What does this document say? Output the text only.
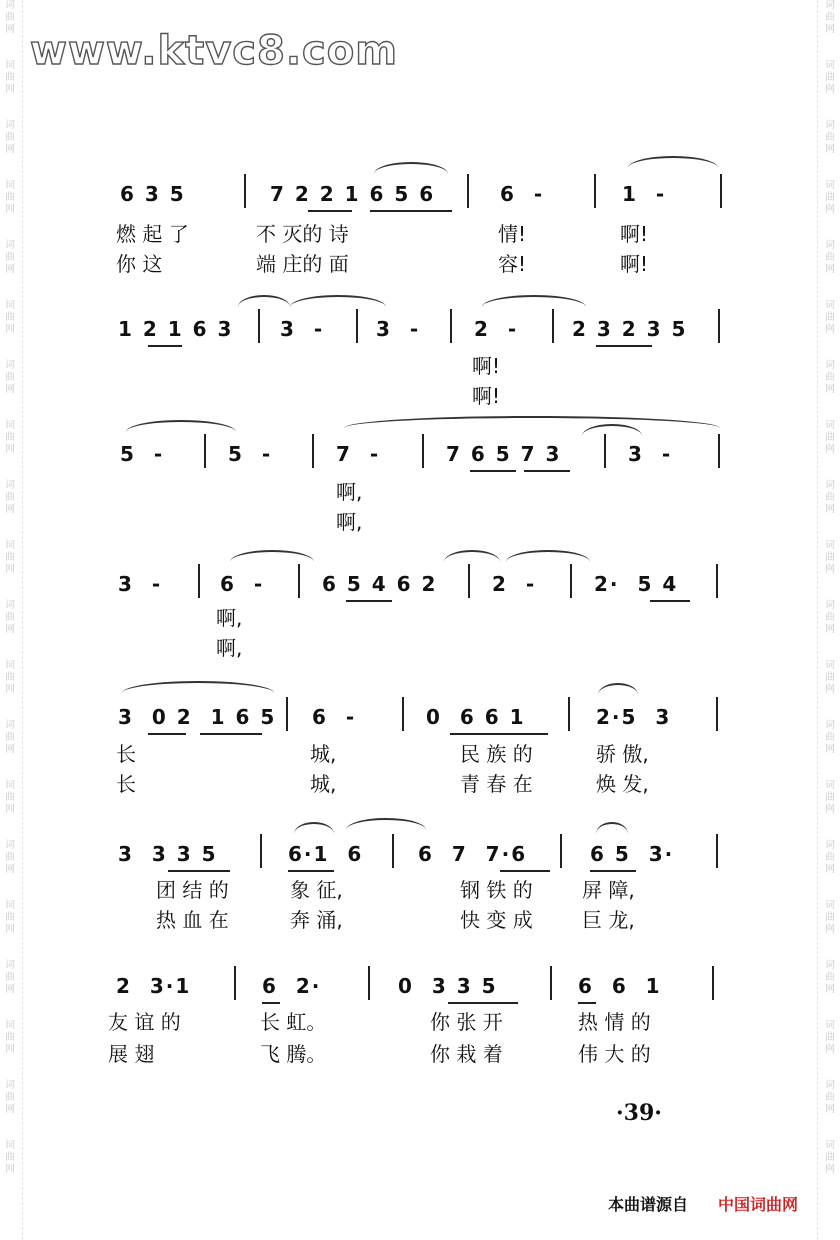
词
曲
网

词
曲
网

词
曲
网

词
曲
网

词
曲
网

词
曲
网

词
曲
网

词
曲
网

词
曲
网

词
曲
网

词
曲
网

词
曲
网

词
曲
网

词
曲
网

词
曲
网

词
曲
网

词
曲
网

词
曲
网

词
曲
网

词
曲
网

词
曲
网

词
曲
网

词
曲
网

词
曲
网

词
曲
网

词
曲
网

词
曲
网

词
曲
网

词
曲
网

词
曲
网

词
曲
网

词
曲
网

词
曲
网

词
曲
网

词
曲
网

词
曲
网

词
曲
网

词
曲
网

词
曲
网

词
曲
网

www.ktvc8.com
6 3 5	7 2 2 1 6 5 6	6  -	1  -
燃 起 了	不 灭的 诗	情!	啊!
你 这	端 庄的 面	容!	啊!
1 2 1 6 3 3  -	3  -	2  -	2 3 2 3 5
啊!
啊!
5  -	5  -	7  -	7 6 5 7 3	3  -
啊,
啊,
3  -	6  -	6 5 4 6 2	2  -	2·  5 4
啊,
啊,
3  0 2  1 6 5 6  -	0  6 6 1	2·5  3
长	城,	民 族 的	骄 傲,
长	城,	青 春 在	焕 发,
3  3 3 5	6·1  6	6  7  7·6	6 5  3·
团 结 的	象 征,	钢 铁 的 屏 障,
热 血 在	奔 涌,	快 变 成 巨 龙,
2  3·1	6  2·	0  3 3 5	6  6  1
友 谊 的	长 虹。	你 张 开	热 情 的
展 翅	飞 腾。	你 栽 着	伟 大 的
·39·
本曲谱源自 中国词曲网
